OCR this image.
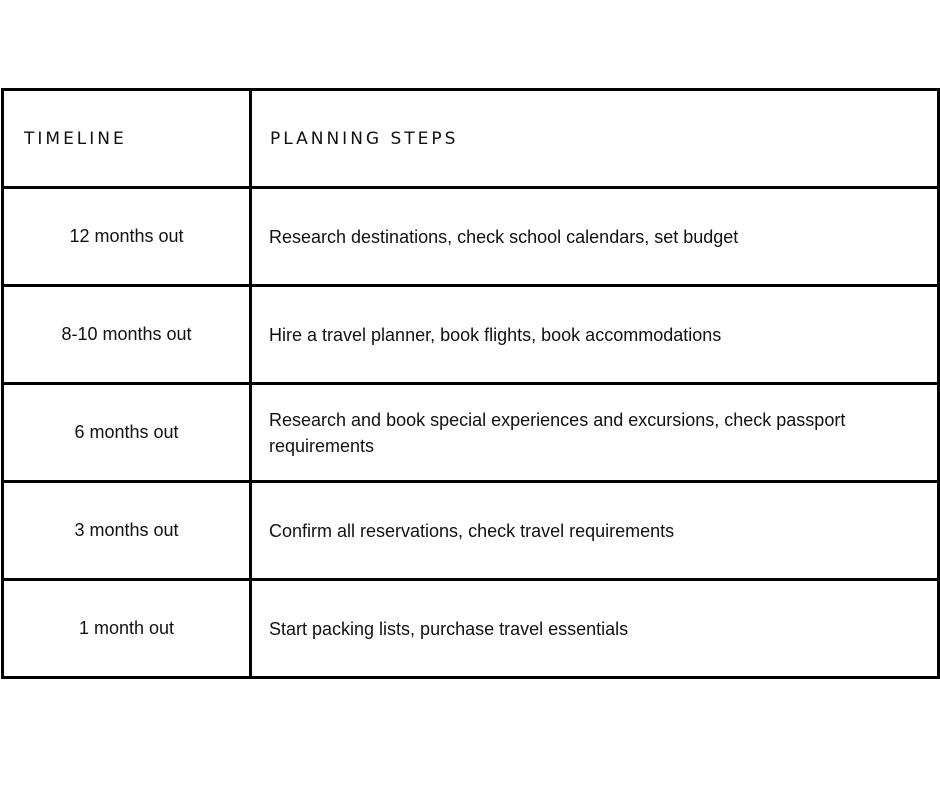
TIMELINE	PLANNING STEPS
12 months out	Research destinations, check school calendars, set budget
8-10 months out	Hire a travel planner, book flights, book accommodations
6 months out	Research and book special experiences and excursions, check passport requirements
3 months out	Confirm all reservations, check travel requirements
1 month out	Start packing lists, purchase travel essentials
